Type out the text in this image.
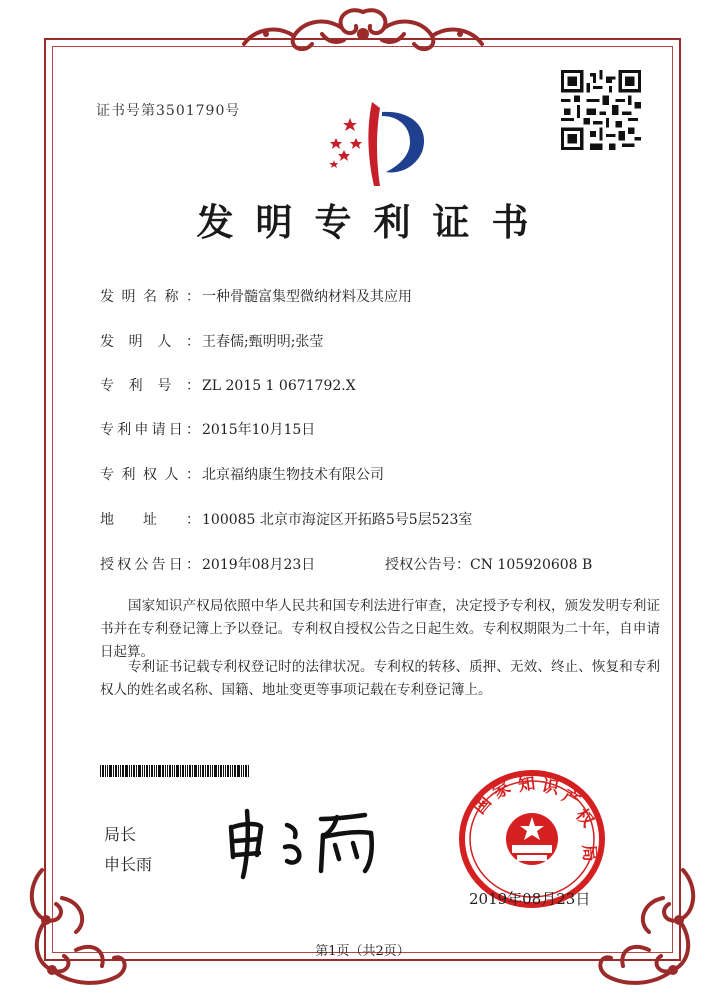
证书号第3501790号
发明专利证书
发明名称： 一种骨髓富集型微纳材料及其应用
发明人： 王春儒;甄明明;张莹
专利号： ZL 2015 1 0671792.X
专利申请日： 2015年10月15日
专利权人： 北京福纳康生物技术有限公司
地址： 100085 北京市海淀区开拓路5号5层523室
授权公告日： 2019年08月23日	授权公告号：CN 105920608 B
国家知识产权局依照中华人民共和国专利法进行审查，决定授予专利权，颁发发明专利证书并在专利登记簿上予以登记。专利权自授权公告之日起生效。专利权期限为二十年，自申请日起算。
专利证书记载专利权登记时的法律状况。专利权的转移、质押、无效、终止、恢复和专利权人的姓名或名称、国籍、地址变更等事项记载在专利登记簿上。
局长
申长雨
国
家 知 识
产
权
局
2019年08月23日
第1页（共2页）
